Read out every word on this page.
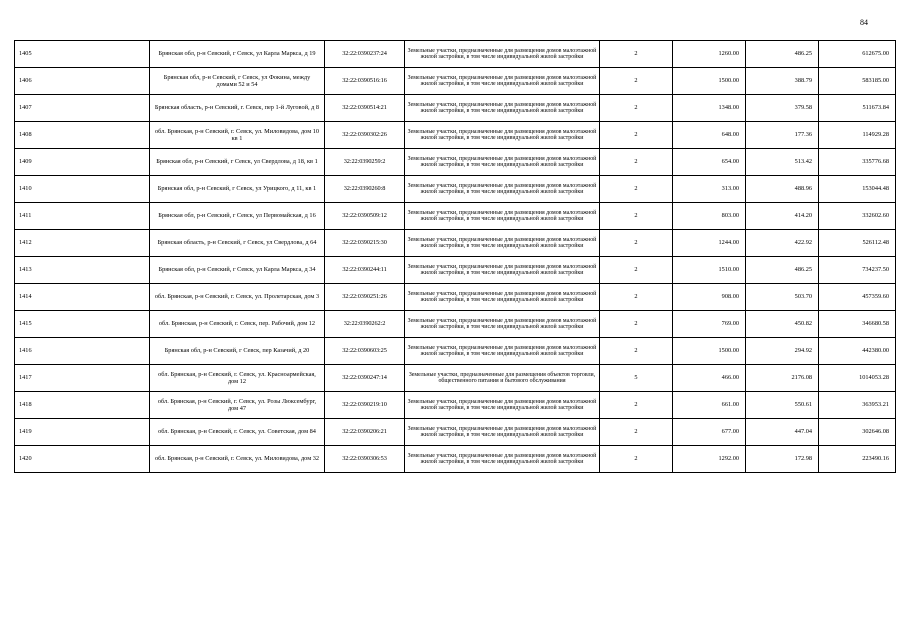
84
1405	Брянская обл, р-н Севский, г Севск, ул Карла Маркса, д 19	32:22:0390237:24	Земельные участки, предназначенные для размещения домов малоэтажной жилой застройки, в том числе индивидуальной жилой застройки	2	1260.00	486.25	612675.00
1406	Брянская обл, р-н Севский, г Севск, ул Фокина, между домами 52 и 54	32:22:0390516:16	Земельные участки, предназначенные для размещения домов малоэтажной жилой застройки, в том числе индивидуальной жилой застройки	2	1500.00	388.79	583185.00
1407	Брянская область, р-н Севский, г. Севск, пер 1-й Луговой, д 8	32:22:0390514:21	Земельные участки, предназначенные для размещения домов малоэтажной жилой застройки, в том числе индивидуальной жилой застройки	2	1348.00	379.58	511673.84
1408	обл. Брянская, р-н Севский, г. Севск, ул. Миловидова, дом 10 кв 1	32:22:0390302:26	Земельные участки, предназначенные для размещения домов малоэтажной жилой застройки, в том числе индивидуальной жилой застройки	2	648.00	177.36	114929.28
1409	Брянская обл, р-н Севский, г Севск, ул Свердлова, д 18, кв 1	32:22:0390259:2	Земельные участки, предназначенные для размещения домов малоэтажной жилой застройки, в том числе индивидуальной жилой застройки	2	654.00	513.42	335776.68
1410	Брянская обл, р-н Севский, г Севск, ул Урицкого, д 11, кв 1	32:22:0390260:8	Земельные участки, предназначенные для размещения домов малоэтажной жилой застройки, в том числе индивидуальной жилой застройки	2	313.00	488.96	153044.48
1411	Брянская обл, р-н Севский, г Севск, ул Первомайская, д 16	32:22:0390509:12	Земельные участки, предназначенные для размещения домов малоэтажной жилой застройки, в том числе индивидуальной жилой застройки	2	803.00	414.20	332602.60
1412	Брянская область, р-н Севский, г Севск, ул Свердлова, д 64	32:22:0390215:30	Земельные участки, предназначенные для размещения домов малоэтажной жилой застройки, в том числе индивидуальной жилой застройки	2	1244.00	422.92	526112.48
1413	Брянская обл, р-н Севский, г Севск, ул Карла Маркса, д 34	32:22:0390244:11	Земельные участки, предназначенные для размещения домов малоэтажной жилой застройки, в том числе индивидуальной жилой застройки	2	1510.00	486.25	734237.50
1414	обл. Брянская, р-н Севский, г. Севск, ул. Пролетарская, дом 3	32:22:0390251:26	Земельные участки, предназначенные для размещения домов малоэтажной жилой застройки, в том числе индивидуальной жилой застройки	2	908.00	503.70	457359.60
1415	обл. Брянская, р-н Севский, г. Севск, пер. Рабочий, дом 12	32:22:0390262:2	Земельные участки, предназначенные для размещения домов малоэтажной жилой застройки, в том числе индивидуальной жилой застройки	2	769.00	450.82	346680.58
1416	Брянская обл, р-н Севский, г Севск, пер Казачий, д 20	32:22:0390603:25	Земельные участки, предназначенные для размещения домов малоэтажной жилой застройки, в том числе индивидуальной жилой застройки	2	1500.00	294.92	442380.00
1417	обл. Брянская, р-н Севский, г. Севск, ул. Красноармейская, дом 12	32:22:0390247:14	Земельные участки, предназначенные для размещения объектов торговли, общественного питания и бытового обслуживания	5	466.00	2176.08	1014053.28
1418	обл. Брянская, р-н Севский, г. Севск, ул. Розы Люксембург, дом 47	32:22:0390219:10	Земельные участки, предназначенные для размещения домов малоэтажной жилой застройки, в том числе индивидуальной жилой застройки	2	661.00	550.61	363953.21
1419	обл. Брянская, р-н Севский, г. Севск, ул. Советская, дом 84	32:22:0390206:21	Земельные участки, предназначенные для размещения домов малоэтажной жилой застройки, в том числе индивидуальной жилой застройки	2	677.00	447.04	302646.08
1420	обл. Брянская, р-н Севский, г. Севск, ул. Миловидова, дом 32	32:22:0390306:53	Земельные участки, предназначенные для размещения домов малоэтажной жилой застройки, в том числе индивидуальной жилой застройки	2	1292.00	172.98	223490.16
